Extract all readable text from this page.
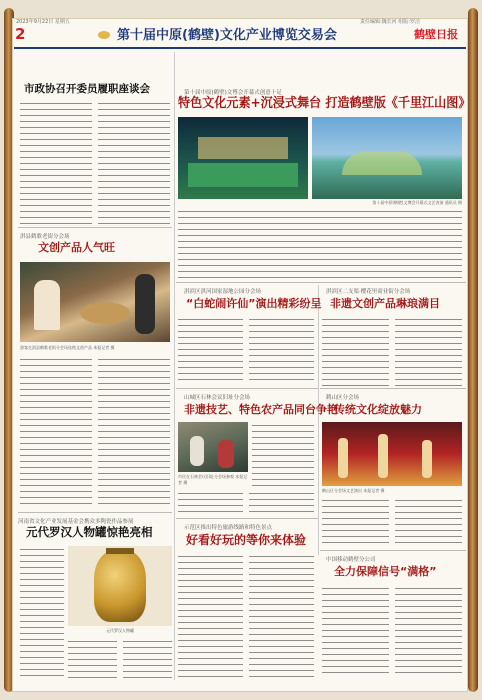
2023年9月22日 星期五	责任编辑:魏长河 组版:罗洁
2	第十届中原(鹤壁)文化产业博览交易会	鹤壁日报
市政协召开委员履职座谈会
淇县鹤歌老街分会场
文创产品人气旺
游客在淇县鹤歌老街分会场选购文创产品 本报记者 摄
河南省文化产业发展基金会携众多陶瓷作品参展
元代罗汉人物罐惊艳亮相
元代罗汉人物罐
第十届中原(鹤壁)文博会开幕式创意十足
特色文化元素+沉浸式舞台 打造鹤壁版《千里江山图》
第十届中原(鹤壁)文博会开幕式文艺表演 通讯员 摄
淇滨区淇河国家湿地公园分会场
“白蛇闹许仙”演出精彩纷呈
淇滨区二支渠·樱花里商业街分会场
非遗文创产品琳琅满目
山城区石林会议旧址分会场
非遗技艺、特色农产品同台争艳
市民在石林会议旧址分会场参观 本报记者 摄
鹤山区分会场
传统文化绽放魅力
鹤山区分会场文艺演出 本报记者 摄
示范区推出特色旅游线路和特色景点
好看好玩的等你来体验
中国移动鹤壁分公司
全力保障信号“满格”
